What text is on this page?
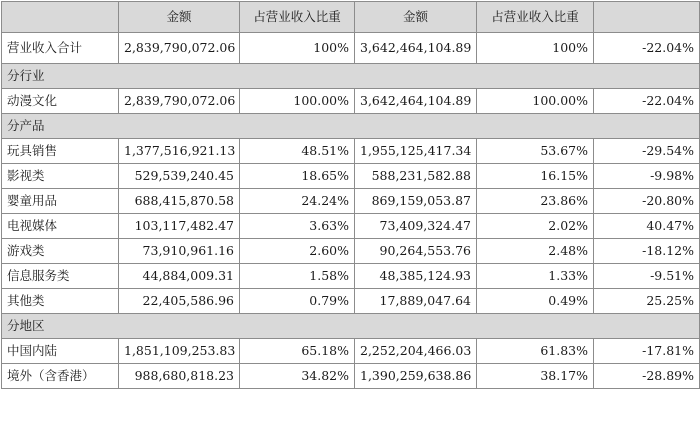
	金额	占营业收入比重	金额	占营业收入比重	
营业收入合计	2,839,790,072.06	100%	3,642,464,104.89	100%	-22.04%
分行业					
动漫文化	2,839,790,072.06	100.00%	3,642,464,104.89	100.00%	-22.04%
分产品					
玩具销售	1,377,516,921.13	48.51%	1,955,125,417.34	53.67%	-29.54%
影视类	529,539,240.45	18.65%	588,231,582.88	16.15%	-9.98%
婴童用品	688,415,870.58	24.24%	869,159,053.87	23.86%	-20.80%
电视媒体	103,117,482.47	3.63%	73,409,324.47	2.02%	40.47%
游戏类	73,910,961.16	2.60%	90,264,553.76	2.48%	-18.12%
信息服务类	44,884,009.31	1.58%	48,385,124.93	1.33%	-9.51%
其他类	22,405,586.96	0.79%	17,889,047.64	0.49%	25.25%
分地区					
中国内陆	1,851,109,253.83	65.18%	2,252,204,466.03	61.83%	-17.81%
境外（含香港）	988,680,818.23	34.82%	1,390,259,638.86	38.17%	-28.89%
